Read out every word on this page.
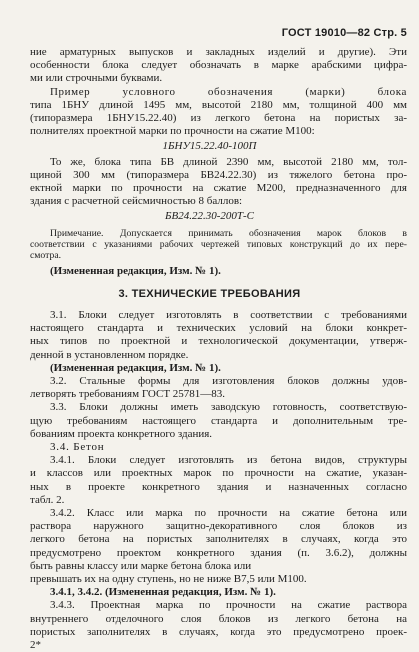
ГОСТ 19010—82 Стр. 5
ние арматурных выпусков и закладных изделий и другие). Эти
особенности блока следует обозначать в марке арабскими цифра-
ми или строчными буквами.
Пример условного обозначения (марки) блока
типа 1БНУ длиной 1495 мм, высотой 2180 мм, толщиной 400 мм
(типоразмера 1БНУ15.22.40) из легкого бетона на пористых за-
полнителях проектной марки по прочности на сжатие М100:
1БНУ15.22.40-100П
То же, блока типа БВ длиной 2390 мм, высотой 2180 мм, тол-
щиной 300 мм (типоразмера БВ24.22.30) из тяжелого бетона про-
ектной марки по прочности на сжатие М200, предназначенного для
здания с расчетной сейсмичностью 8 баллов:
БВ24.22.30-200Т-С
Примечание. Допускается принимать обозначения марок блоков в
соответствии с указаниями рабочих чертежей типовых конструкций до их пере-
смотра.
(Измененная редакция, Изм. № 1).
3. ТЕХНИЧЕСКИЕ ТРЕБОВАНИЯ
3.1. Блоки следует изготовлять в соответствии с требованиями
настоящего стандарта и технических условий на блоки конкрет-
ных типов по проектной и технологической документации, утверж-
денной в установленном порядке.
(Измененная редакция, Изм. № 1).
3.2. Стальные формы для изготовления блоков должны удов-
летворять требованиям ГОСТ 25781—83.
3.3. Блоки должны иметь заводскую готовность, соответствую-
щую требованиям настоящего стандарта и дополнительным тре-
бованиям проекта конкретного здания.
3.4. Бетон
3.4.1. Блоки следует изготовлять из бетона видов, структуры
и классов или проектных марок по прочности на сжатие, указан-
ных в проекте конкретного здания и назначенных согласно
табл. 2.
3.4.2. Класс или марка по прочности на сжатие бетона или
раствора наружного защитно-декоративного слоя блоков из
легкого бетона на пористых заполнителях в случаях, когда это
предусмотрено проектом конкретного здания (п. 3.6.2), должны
быть равны классу или марке бетона блока или
превышать их на одну ступень, но не ниже В7,5 или М100.
3.4.1, 3.4.2. (Измененная редакция, Изм. № 1).
3.4.3. Проектная марка по прочности на сжатие раствора
внутреннего отделочного слоя блоков из легкого бетона на
пористых заполнителях в случаях, когда это предусмотрено проек-
2*
